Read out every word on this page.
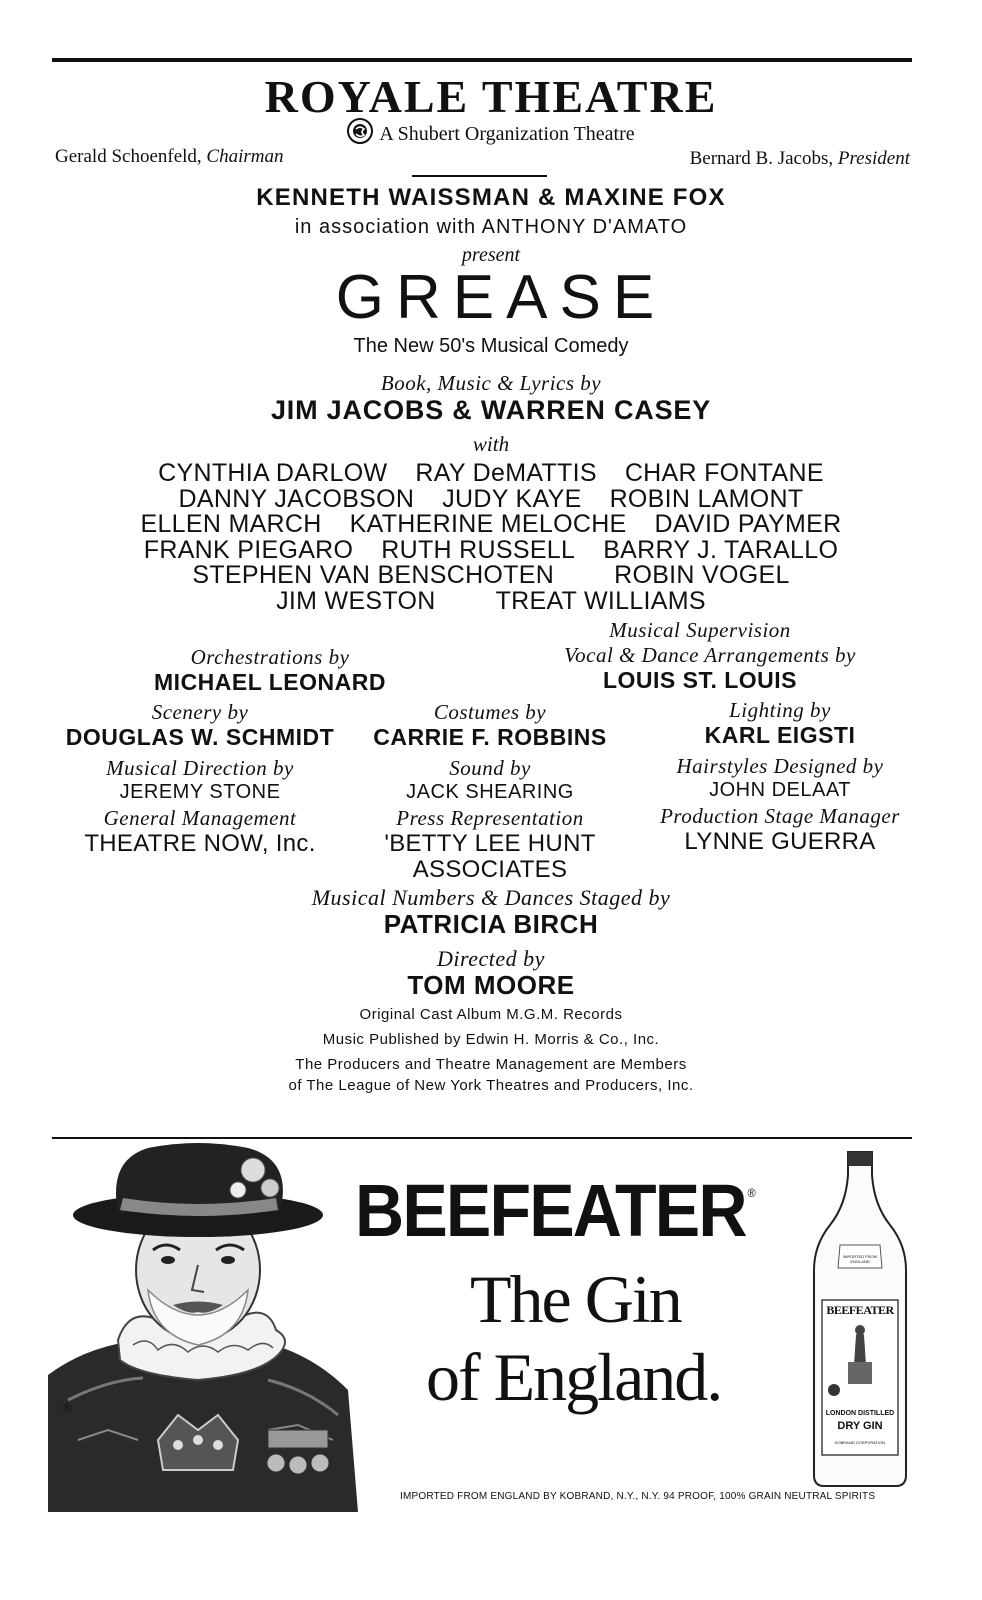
ROYALE THEATRE
A Shubert Organization Theatre
Gerald Schoenfeld, Chairman	Bernard B. Jacobs, President
KENNETH WAISSMAN & MAXINE FOX
in association with ANTHONY D'AMATO
present
GREASE
The New 50's Musical Comedy
Book, Music & Lyrics by
JIM JACOBS & WARREN CASEY
with
CYNTHIA DARLOW RAY DeMATTIS CHAR FONTANE
DANNY JACOBSON JUDY KAYE ROBIN LAMONT
ELLEN MARCH KATHERINE MELOCHE DAVID PAYMER
FRANK PIEGARO RUTH RUSSELL BARRY J. TARALLO
STEPHEN VAN BENSCHOTEN ROBIN VOGEL
JIM WESTON TREAT WILLIAMS
Musical Supervision
Orchestrations by	Vocal & Dance Arrangements by
MICHAEL LEONARD	LOUIS ST. LOUIS
Scenery by	Costumes by	Lighting by
DOUGLAS W. SCHMIDT	CARRIE F. ROBBINS	KARL EIGSTI
Musical Direction by	Sound by	Hairstyles Designed by
JEREMY STONE	JACK SHEARING	JOHN DELAAT
General Management	Press Representation	Production Stage Manager
THEATRE NOW, Inc.	'BETTY LEE HUNT	LYNNE GUERRA
ASSOCIATES
Musical Numbers & Dances Staged by
PATRICIA BIRCH
Directed by
TOM MOORE
Original Cast Album M.G.M. Records
Music Published by Edwin H. Morris & Co., Inc.
The Producers and Theatre Management are Members
of The League of New York Theatres and Producers, Inc.
®
BEEFEATER ®
The Gin
of England.
IMPORTED FROM ENGLAND
BEEFEATER
LONDON DISTILLED
DRY GIN
KOBRAND CORPORATION
IMPORTED FROM ENGLAND BY KOBRAND, N.Y., N.Y. 94 PROOF, 100% GRAIN NEUTRAL SPIRITS
